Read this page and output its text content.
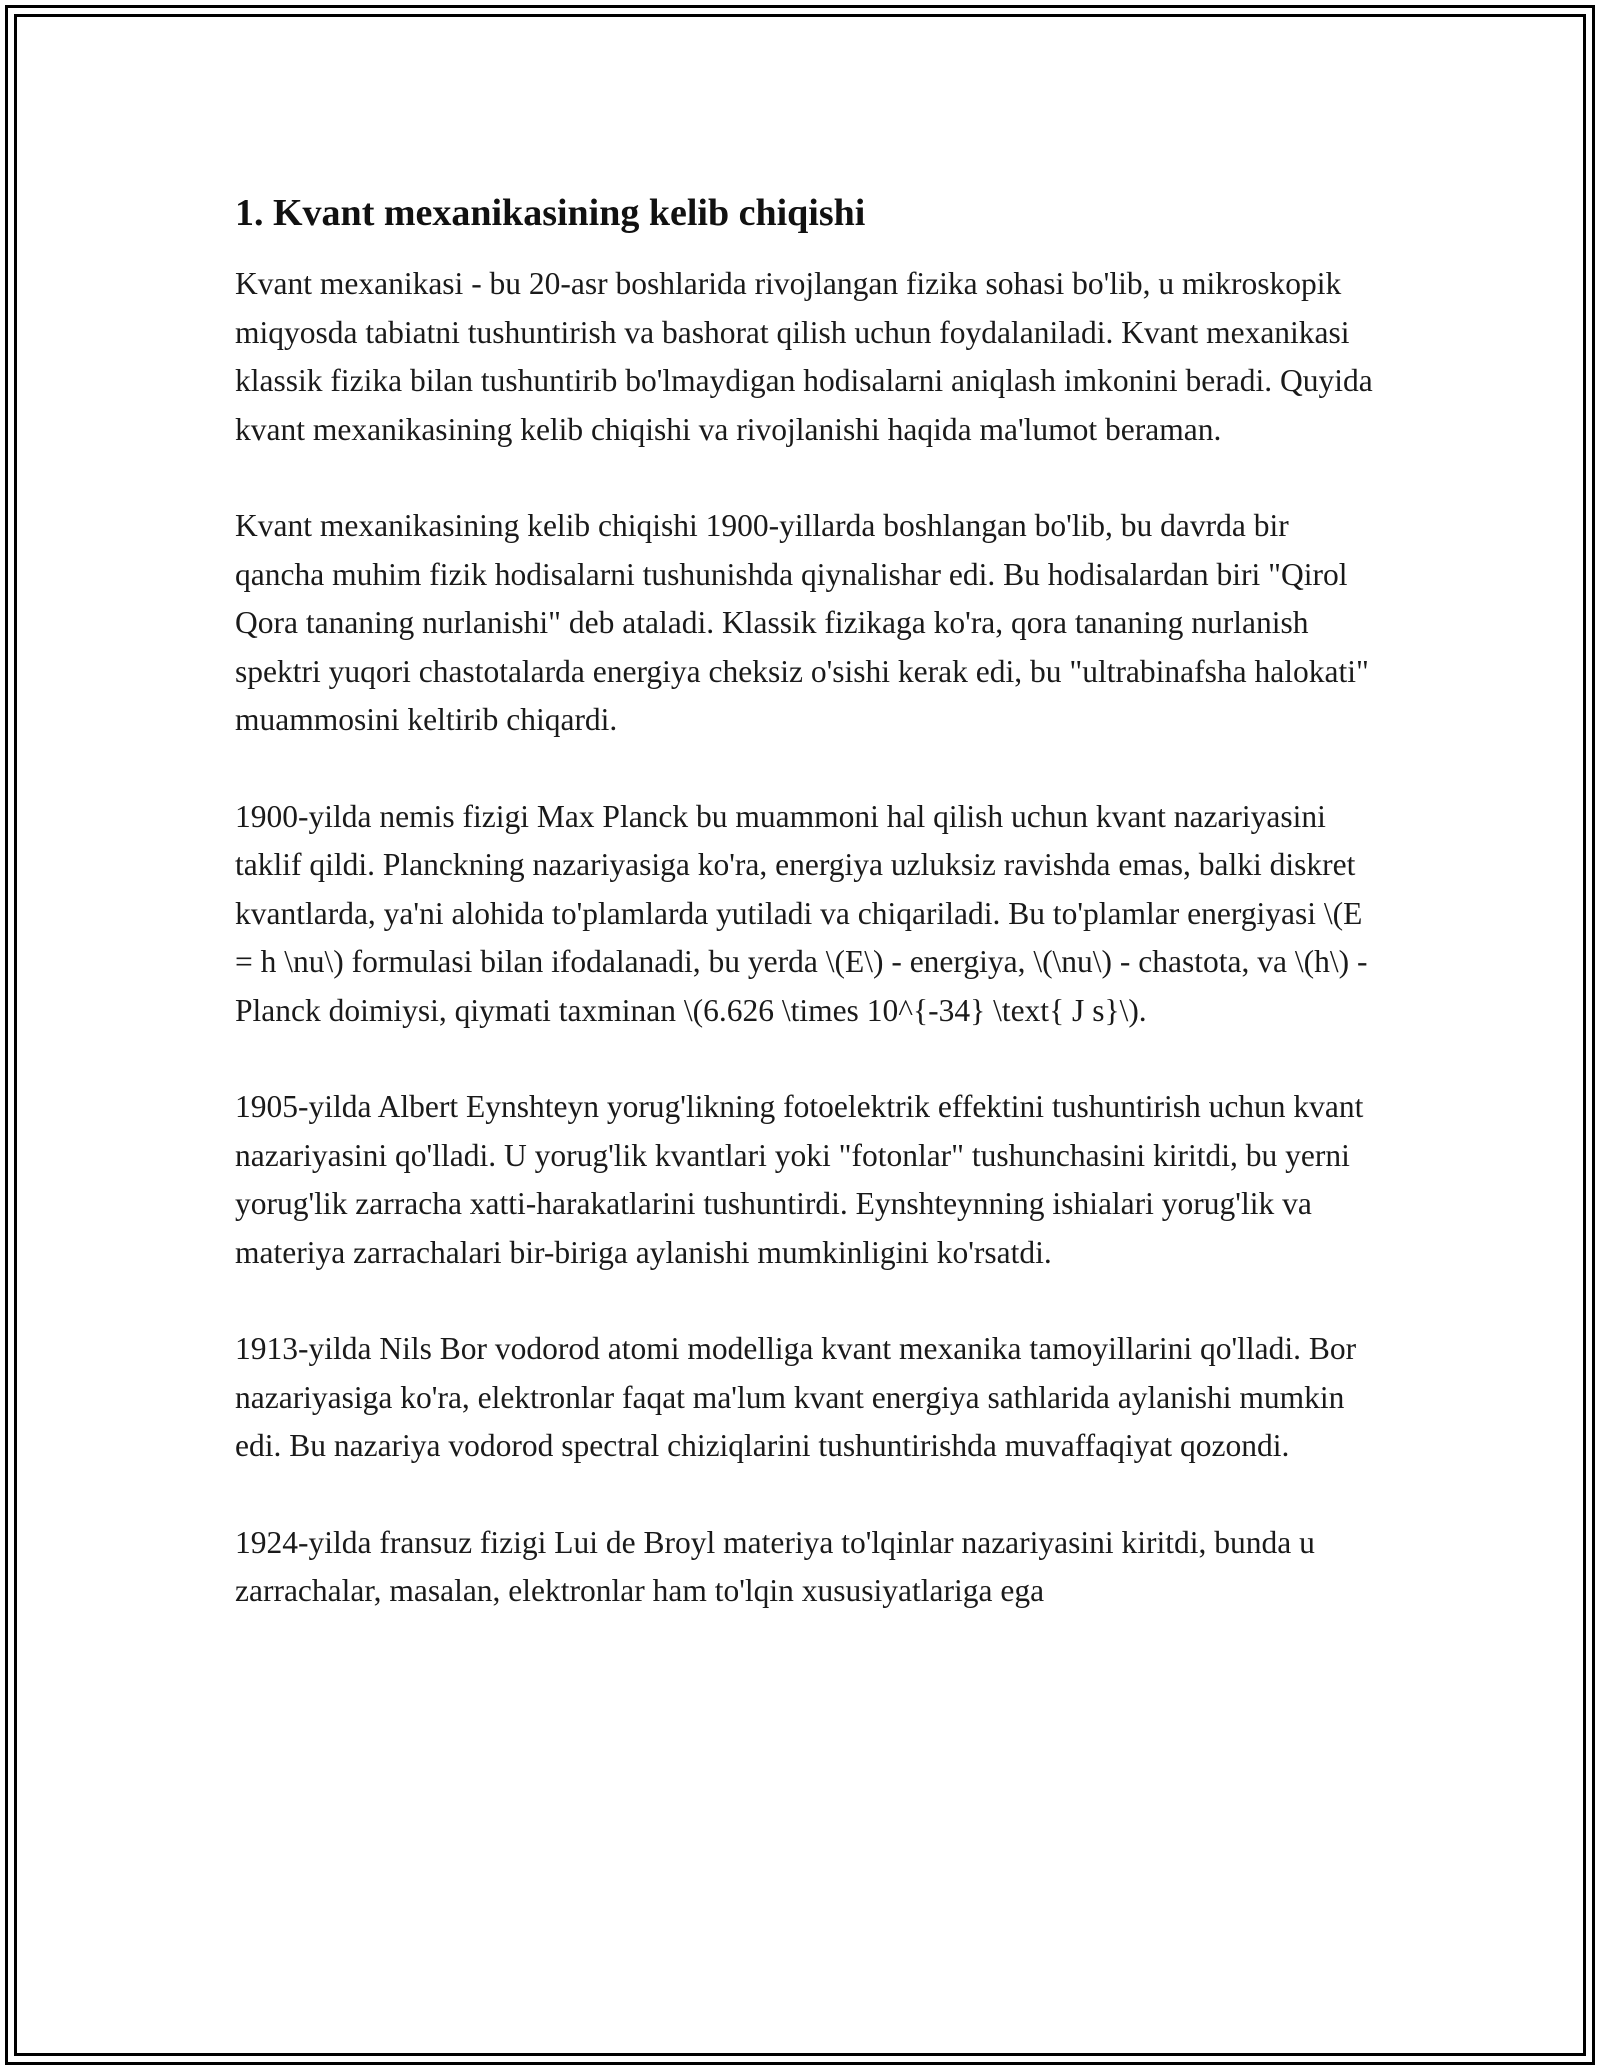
1. Kvant mexanikasining kelib chiqishi

Kvant mexanikasi - bu 20-asr boshlarida rivojlangan fizika sohasi bo'lib, u mikroskopik miqyosda tabiatni tushuntirish va bashorat qilish uchun foydalaniladi. Kvant mexanikasi klassik fizika bilan tushuntirib bo'lmaydigan hodisalarni aniqlash imkonini beradi. Quyida kvant mexanikasining kelib chiqishi va rivojlanishi haqida ma'lumot beraman.

Kvant mexanikasining kelib chiqishi 1900-yillarda boshlangan bo'lib, bu davrda bir qancha muhim fizik hodisalarni tushunishda qiynalishar edi. Bu hodisalardan biri "Qirol Qora tananing nurlanishi" deb ataladi. Klassik fizikaga ko'ra, qora tananing nurlanish spektri yuqori chastotalarda energiya cheksiz o'sishi kerak edi, bu "ultrabinafsha halokati" muammosini keltirib chiqardi.

1900-yilda nemis fizigi Max Planck bu muammoni hal qilish uchun kvant nazariyasini taklif qildi. Planckning nazariyasiga ko'ra, energiya uzluksiz ravishda emas, balki diskret kvantlarda, ya'ni alohida to'plamlarda yutiladi va chiqariladi. Bu to'plamlar energiyasi \(E = h \nu\) formulasi bilan ifodalanadi, bu yerda \(E\) - energiya, \(\nu\) - chastota, va \(h\) - Planck doimiysi, qiymati taxminan \(6.626 \times 10^{-34} \text{ J s}\).

1905-yilda Albert Eynshteyn yorug'likning fotoelektrik effektini tushuntirish uchun kvant nazariyasini qo'lladi. U yorug'lik kvantlari yoki "fotonlar" tushunchasini kiritdi, bu yerni yorug'lik zarracha xatti-harakatlarini tushuntirdi. Eynshteynning ishialari yorug'lik va materiya zarrachalari bir-biriga aylanishi mumkinligini ko'rsatdi.

1913-yilda Nils Bor vodorod atomi modelliga kvant mexanika tamoyillarini qo'lladi. Bor nazariyasiga ko'ra, elektronlar faqat ma'lum kvant energiya sathlarida aylanishi mumkin edi. Bu nazariya vodorod spectral chiziqlarini tushuntirishda muvaffaqiyat qozondi.

1924-yilda fransuz fizigi Lui de Broyl materiya to'lqinlar nazariyasini kiritdi, bunda u zarrachalar, masalan, elektronlar ham to'lqin xususiyatlariga ega
